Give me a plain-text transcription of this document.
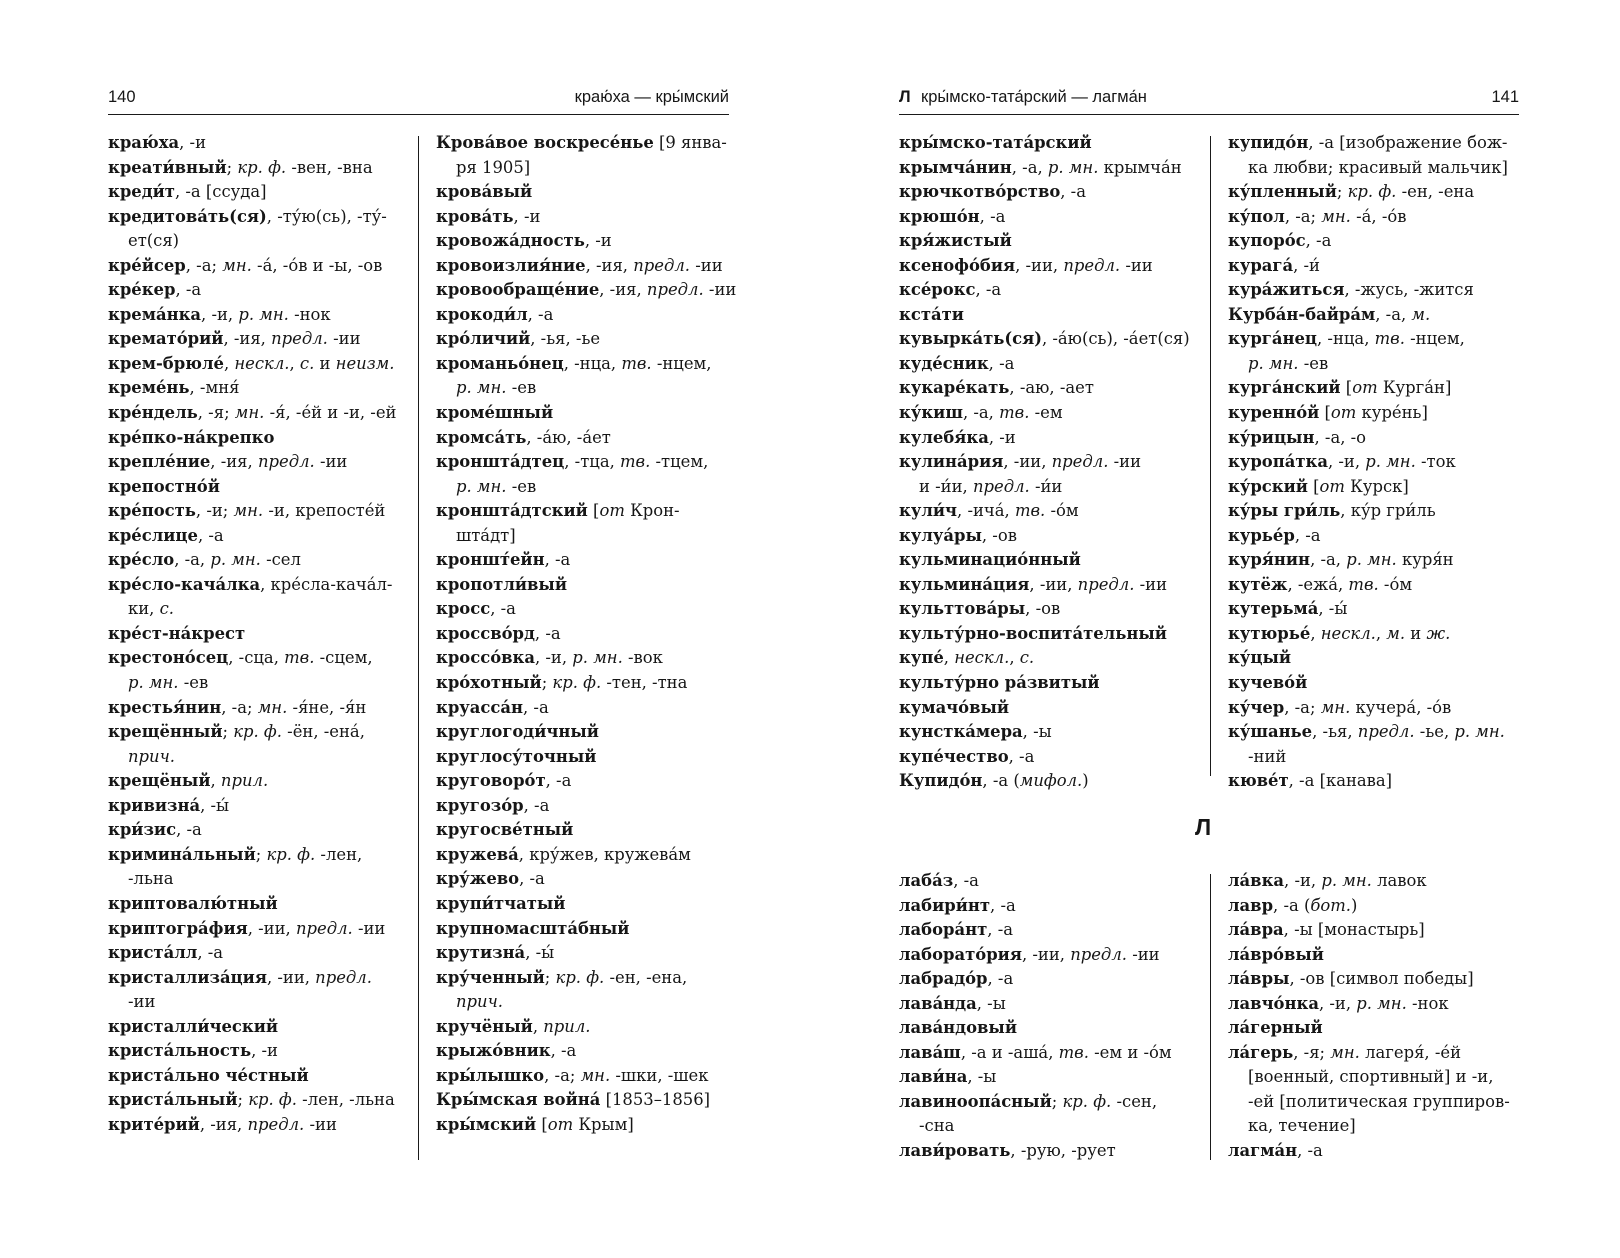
140	краю́ха — кры́мский
краю́ха, -и
креати́вный; кр. ф. -вен, -вна
креди́т, -а [ссуда]
кредитова́ть(ся), -ту́ю(сь), -ту́-
ет(ся)
кре́йсер, -а; мн. -а́, -о́в и -ы, -ов
кре́кер, -а
крема́нка, -и, р. мн. -нок
кремато́рий, -ия, предл. -ии
крем-брюле́, нескл., с. и неизм.
креме́нь, -мня́
кре́ндель, -я; мн. -я́, -е́й и -и, -ей
кре́пко-на́крепко
крепле́ние, -ия, предл. -ии
крепостно́й
кре́пость, -и; мн. -и, крепосте́й
кре́слице, -а
кре́сло, -а, р. мн. -сел
кре́сло-кача́лка, кре́сла-кача́л-
ки, с.
кре́ст-на́крест
крестоно́сец, -сца, тв. -сцем,
р. мн. -ев
крестья́нин, -а; мн. -я́не, -я́н
крещённый; кр. ф. -ён, -ена́,
прич.
крещёный, прил.
кривизна́, -ы́
кри́зис, -а
кримина́льный; кр. ф. -лен,
-льна
криптовалю́тный
криптогра́фия, -ии, предл. -ии
криста́лл, -а
кристаллиза́ция, -ии, предл.
-ии
кристалли́ческий
криста́льность, -и
криста́льно че́стный
криста́льный; кр. ф. -лен, -льна
крите́рий, -ия, предл. -ии
Крова́вое воскресе́нье [9 янва-
ря 1905]
крова́вый
крова́ть, -и
кровожа́дность, -и
кровоизлия́ние, -ия, предл. -ии
кровообраще́ние, -ия, предл. -ии
крокоди́л, -а
кро́личий, -ья, -ье
кроманьо́нец, -нца, тв. -нцем,
р. мн. -ев
кроме́шный
кромса́ть, -а́ю, -а́ет
кроншта́дтец, -тца, тв. -тцем,
р. мн. -ев
кроншта́дтский [от Крон-
шта́дт]
кроншт́ейн, -а
кропотли́вый
кросс, -а
кроссво́рд, -а
кроссо́вка, -и, р. мн. -вок
кро́хотный; кр. ф. -тен, -тна
круасса́н, -а
круглогоди́чный
круглосу́точный
круговоро́т, -а
кругозо́р, -а
кругосве́тный
кружева́, кру́жев, кружева́м
кру́жево, -а
крупи́тчатый
крупномасшта́бный
крутизна́, -ы́
кру́ченный; кр. ф. -ен, -ена,
прич.
кручёный, прил.
крыжо́вник, -а
кры́лышко, -а; мн. -шки, -шек
Кры́мская война́ [1853–1856]
кры́мский [от Крым]
Л кры́мско-тата́рский — лагма́н	141
кры́мско-тата́рский
крымча́нин, -а, р. мн. крымча́н
крючкотво́рство, -а
крюшо́н, -а
кря́жистый
ксенофо́бия, -ии, предл. -ии
ксе́рокс, -а
кста́ти
кувырка́ть(ся), -а́ю(сь), -а́ет(ся)
куде́сник, -а
кукаре́кать, -аю, -ает
ку́киш, -а, тв. -ем
кулебя́ка, -и
кулина́рия, -ии, предл. -ии
и -и́и, предл. -и́и
кули́ч, -ича́, тв. -о́м
кулуа́ры, -ов
кульминацио́нный
кульмина́ция, -ии, предл. -ии
культтова́ры, -ов
культу́рно-воспита́тельный
купе́, нескл., с.
культу́рно ра́звитый
кумачо́вый
кунстка́мера, -ы
купе́чество, -а
Купидо́н, -а (мифол.)
купидо́н, -а [изображение бож-
ка любви; красивый мальчик]
ку́пленный; кр. ф. -ен, -ена
ку́пол, -а; мн. -а́, -о́в
купоро́с, -а
курага́, -и́
кура́житься, -жусь, -жится
Курба́н-байра́м, -а, м.
курга́нец, -нца, тв. -нцем,
р. мн. -ев
курга́нский [от Курга́н]
куренно́й [от куре́нь]
ку́рицын, -а, -о
куропа́тка, -и, р. мн. -ток
ку́рский [от Курск]
ку́ры гри́ль, ку́р гри́ль
курье́р, -а
куря́нин, -а, р. мн. куря́н
кутёж, -ежа́, тв. -о́м
кутерьма́, -ы́
кутюрье́, нескл., м. и ж.
ку́цый
кучево́й
ку́чер, -а; мн. кучера́, -о́в
ку́шанье, -ья, предл. -ье, р. мн.
-ний
кюве́т, -а [канава]
Л
лаба́з, -а
лабири́нт, -а
лабора́нт, -а
лаборато́рия, -ии, предл. -ии
лабрадо́р, -а
лава́нда, -ы
лава́ндовый
лава́ш, -а и -аша́, тв. -ем и -о́м
лави́на, -ы
лавиноопа́сный; кр. ф. -сен,
-сна
лави́ровать, -рую, -рует
ла́вка, -и, р. мн. лавок
лавр, -а (бот.)
ла́вра, -ы [монастырь]
ла́вро́вый
ла́вры, -ов [символ победы]
лавчо́нка, -и, р. мн. -нок
ла́герный
ла́герь, -я; мн. лагеря́, -е́й
[военный, спортивный] и -и,
-ей [политическая группиров-
ка, течение]
лагма́н, -а
